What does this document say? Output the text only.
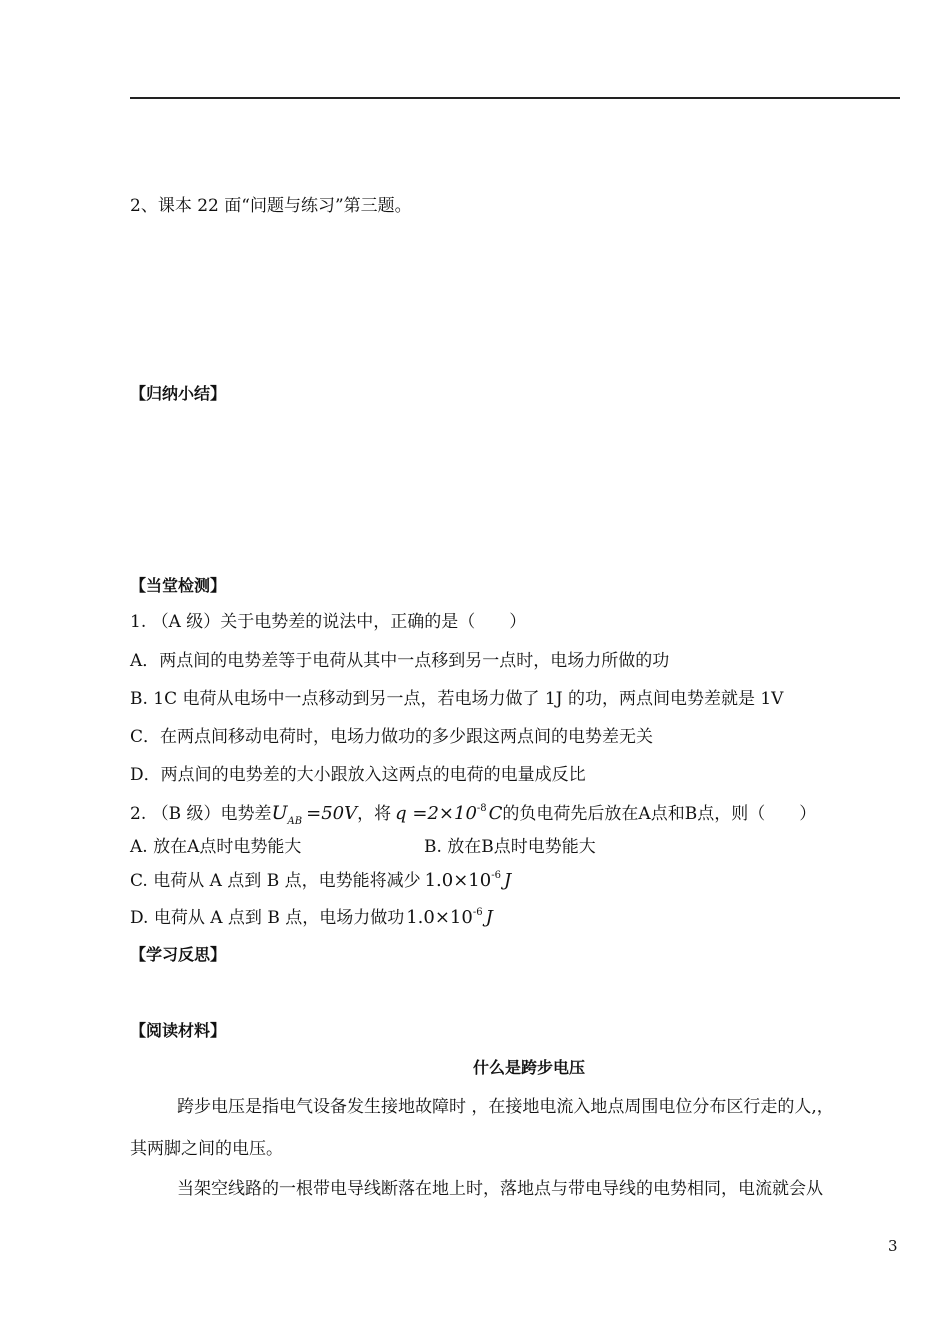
2、课本 22 面“问题与练习”第三题。
【归纳小结】
【当堂检测】
1. （A 级）关于电势差的说法中，正确的是（　　）
A．两点间的电势差等于电荷从其中一点移到另一点时，电场力所做的功
B. 1C 电荷从电场中一点移动到另一点，若电场力做了 1J 的功，两点间电势差就是 1V
C．在两点间移动电荷时，电场力做功的多少跟这两点间的电势差无关
D．两点间的电势差的大小跟放入这两点的电荷的电量成反比
2. （B 级）电势差$U_{AB} =50V$，将 $q =2\times 10^{-8}$ C的负电荷先后放在A点和B点，则（　　）
A. 放在A点时电势能大	B. 放在B点时电势能大
C. 电荷从 A 点到 B 点，电势能将减少 $1.0\times 10^{-6}$ J
D. 电荷从 A 点到 B 点，电场力做功 $1.0\times 10^{-6}$ J
【学习反思】
【阅读材料】
什么是跨步电压
跨步电压是指电气设备发生接地故障时 ，在接地电流入地点周围电位分布区行走的人,，
其两脚之间的电压。
当架空线路的一根带电导线断落在地上时，落地点与带电导线的电势相同，电流就会从
3
